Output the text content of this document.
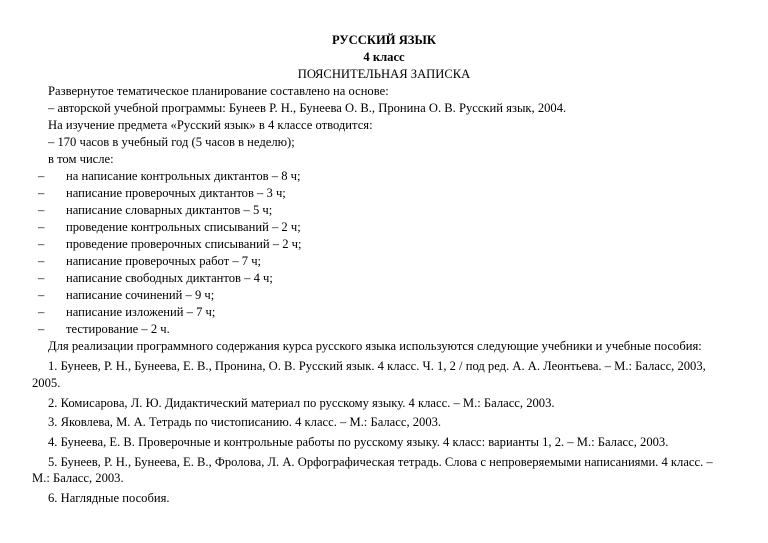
РУССКИЙ ЯЗЫК
4 класс
ПОЯСНИТЕЛЬНАЯ ЗАПИСКА
Развернутое тематическое планирование составлено на основе:
– авторской учебной программы: Бунеев Р. Н., Бунеева О. В., Пронина О. В. Русский язык, 2004.
На изучение предмета «Русский язык» в 4 классе отводится:
– 170 часов в учебный год (5 часов в неделю);
в том числе:
– на написание контрольных диктантов – 8 ч;
– написание проверочных диктантов – 3 ч;
– написание словарных диктантов – 5 ч;
– проведение контрольных списываний – 2 ч;
– проведение проверочных списываний – 2 ч;
– написание проверочных работ – 7 ч;
– написание свободных диктантов – 4 ч;
– написание сочинений – 9 ч;
– написание изложений – 7 ч;
– тестирование – 2 ч.
Для реализации программного содержания курса русского языка используются следующие учебники и учебные пособия:
1. Бунеев, Р. Н., Бунеева, Е. В., Пронина, О. В. Русский язык. 4 класс. Ч. 1, 2 / под ред. А. А. Леонтьева. – М.: Баласс, 2003,
2005.
2. Комисарова, Л. Ю. Дидактический материал по русскому языку. 4 класс. – М.: Баласс, 2003.
3. Яковлева, М. А. Тетрадь по чистописанию. 4 класс. – М.: Баласс, 2003.
4. Бунеева, Е. В. Проверочные и контрольные работы по русскому языку. 4 класс: варианты 1, 2. – М.: Баласс, 2003.
5. Бунеев, Р. Н., Бунеева, Е. В., Фролова, Л. А. Орфографическая тетрадь. Слова с непроверяемыми написаниями. 4 класс. –
М.: Баласс, 2003.
6. Наглядные пособия.
